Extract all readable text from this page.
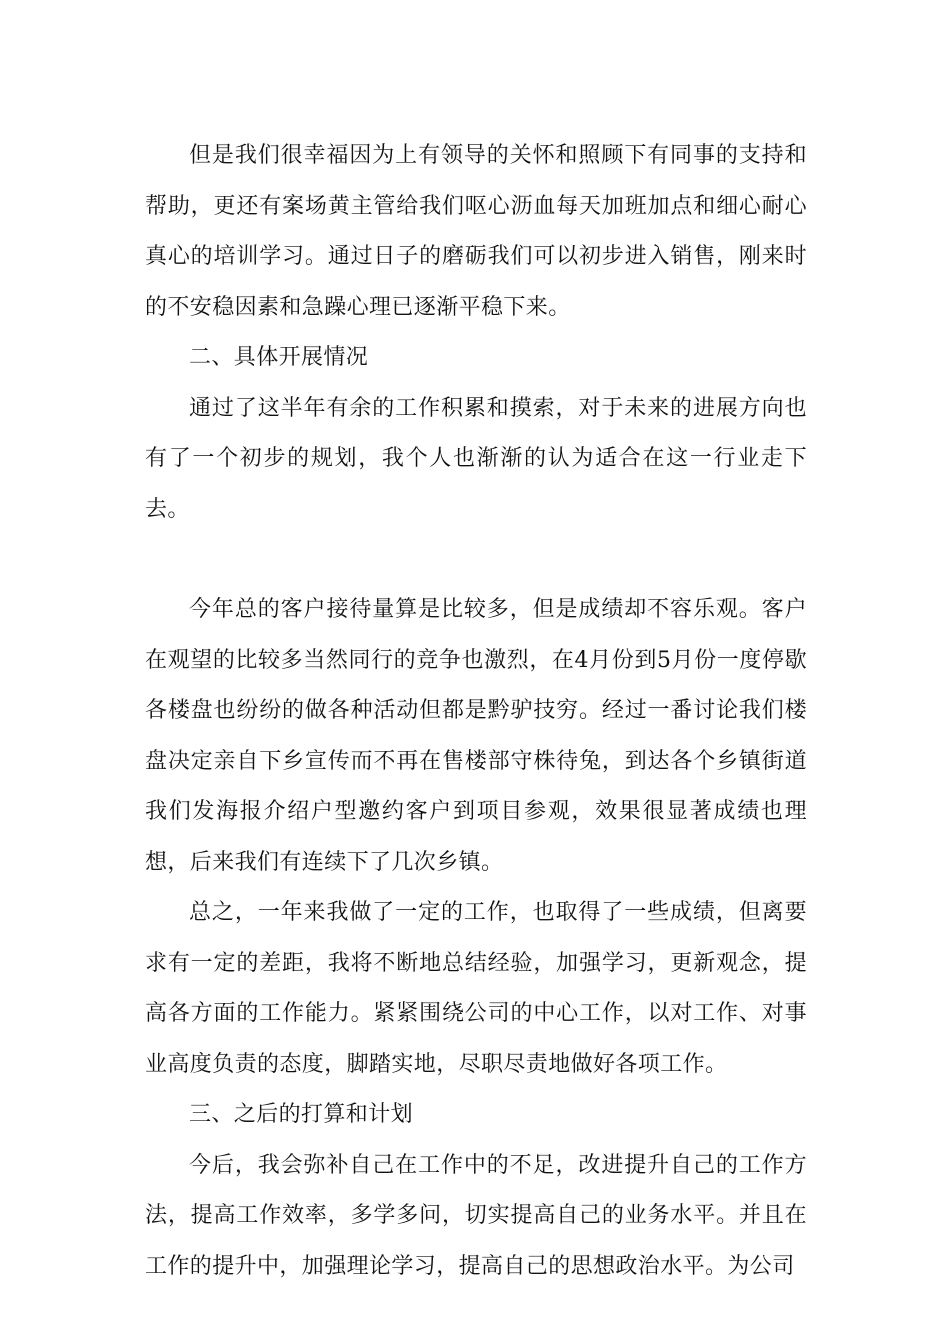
但是我们很幸福因为上有领导的关怀和照顾下有同事的支持和帮助，更还有案场黄主管给我们呕心沥血每天加班加点和细心耐心真心的培训学习。通过日子的磨砺我们可以初步进入销售，刚来时的不安稳因素和急躁心理已逐渐平稳下来。

二、具体开展情况

通过了这半年有余的工作积累和摸索，对于未来的进展方向也有了一个初步的规划，我个人也渐渐的认为适合在这一行业走下去。

今年总的客户接待量算是比较多，但是成绩却不容乐观。客户在观望的比较多当然同行的竞争也激烈，在4月份到5月份一度停歇各楼盘也纷纷的做各种活动但都是黔驴技穷。经过一番讨论我们楼盘决定亲自下乡宣传而不再在售楼部守株待兔，到达各个乡镇街道我们发海报介绍户型邀约客户到项目参观，效果很显著成绩也理想，后来我们有连续下了几次乡镇。

总之，一年来我做了一定的工作，也取得了一些成绩，但离要求有一定的差距，我将不断地总结经验，加强学习，更新观念，提高各方面的工作能力。紧紧围绕公司的中心工作，以对工作、对事业高度负责的态度，脚踏实地，尽职尽责地做好各项工作。

三、之后的打算和计划

今后，我会弥补自己在工作中的不足，改进提升自己的工作方法，提高工作效率，多学多问，切实提高自己的业务水平。并且在工作的提升中，加强理论学习，提高自己的思想政治水平。为公司
